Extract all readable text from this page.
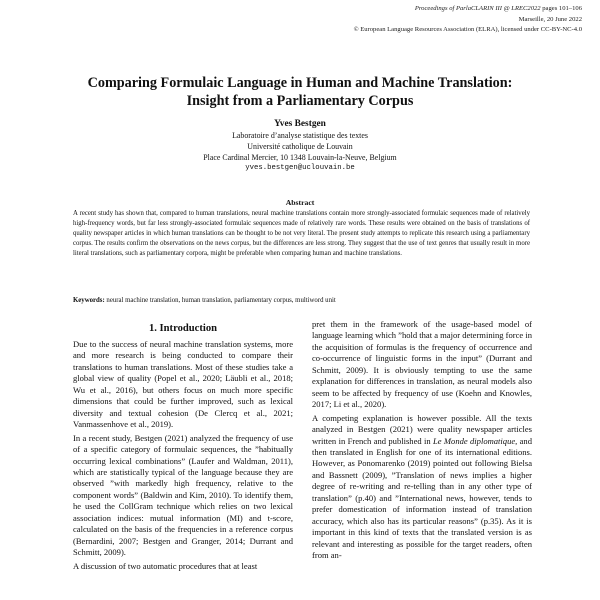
Proceedings of ParlaCLARIN III @ LREC2022 pages 101–106
Marseille, 20 June 2022
© European Language Resources Association (ELRA), licensed under CC-BY-NC-4.0
Comparing Formulaic Language in Human and Machine Translation:
Insight from a Parliamentary Corpus
Yves Bestgen
Laboratoire d’analyse statistique des textes
Université catholique de Louvain
Place Cardinal Mercier, 10 1348 Louvain-la-Neuve, Belgium
yves.bestgen@uclouvain.be
Abstract
A recent study has shown that, compared to human translations, neural machine translations contain more strongly-associated formulaic sequences made of relatively high-frequency words, but far less strongly-associated formulaic sequences made of relatively rare words. These results were obtained on the basis of translations of quality newspaper articles in which human translations can be thought to be not very literal. The present study attempts to replicate this research using a parliamentary corpus. The results confirm the observations on the news corpus, but the differences are less strong. They suggest that the use of text genres that usually result in more literal translations, such as parliamentary corpora, might be preferable when comparing human and machine translations.
Keywords: neural machine translation, human translation, parliamentary corpus, multiword unit
1. Introduction

Due to the success of neural machine translation systems, more and more research is being conducted to compare their translations to human translations. Most of these studies take a global view of quality (Popel et al., 2020; Läubli et al., 2018; Wu et al., 2016), but others focus on much more specific dimensions that could be further improved, such as lexical diversity and textual cohesion (De Clercq et al., 2021; Vanmassenhove et al., 2019).

In a recent study, Bestgen (2021) analyzed the frequency of use of a specific category of formulaic sequences, the ”habitually occurring lexical combinations” (Laufer and Waldman, 2011), which are statistically typical of the language because they are observed ”with markedly high frequency, relative to the component words” (Baldwin and Kim, 2010). To identify them, he used the CollGram technique which relies on two lexical association indices: mutual information (MI) and t-score, calculated on the basis of the frequencies in a reference corpus (Bernardini, 2007; Bestgen and Granger, 2014; Durrant and Schmitt, 2009).

A discussion of two automatic procedures that at least

pret them in the framework of the usage-based model of language learning which ”hold that a major determining force in the acquisition of formulas is the frequency of occurrence and co-occurrence of linguistic forms in the input” (Durrant and Schmitt, 2009). It is obviously tempting to use the same explanation for differences in translation, as neural models also seem to be affected by frequency of use (Koehn and Knowles, 2017; Li et al., 2020).

A competing explanation is however possible. All the texts analyzed in Bestgen (2021) were quality newspaper articles written in French and published in Le Monde diplomatique, and then translated in English for one of its international editions. However, as Ponomarenko (2019) pointed out following Bielsa and Bassnett (2009), ”Translation of news implies a higher degree of re-writing and re-telling than in any other type of translation” (p.40) and ”International news, however, tends to prefer domestication of information instead of translation accuracy, which also has its particular reasons” (p.35). As it is important in this kind of texts that the translated version is as relevant and interesting as possible for the target readers, often from an-
